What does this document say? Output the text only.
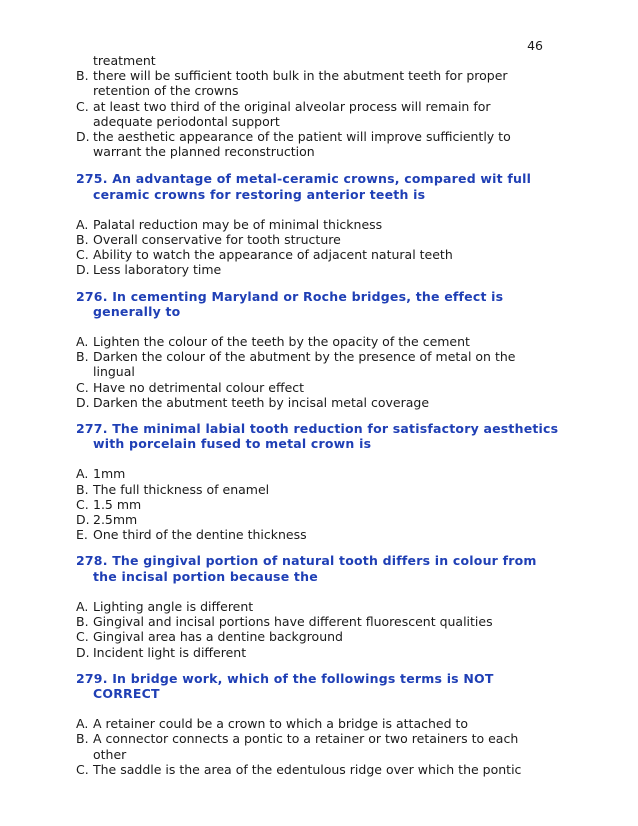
46
treatment
B. there will be sufficient tooth bulk in the abutment teeth for proper
retention of the crowns
C. at least two third of the original alveolar process will remain for
adequate periodontal support
D. the aesthetic appearance of the patient will improve sufficiently to
warrant the planned reconstruction
275. An advantage of metal-ceramic crowns, compared wit full
ceramic crowns for restoring anterior teeth is
A. Palatal reduction may be of minimal thickness
B. Overall conservative for tooth structure
C. Ability to watch the appearance of adjacent natural teeth
D. Less laboratory time
276. In cementing Maryland or Roche bridges, the effect is
generally to
A. Lighten the colour of the teeth by the opacity of the cement
B. Darken the colour of the abutment by the presence of metal on the
lingual
C. Have no detrimental colour effect
D. Darken the abutment teeth by incisal metal coverage
277. The minimal labial tooth reduction for satisfactory aesthetics
with porcelain fused to metal crown is
A. 1mm
B. The full thickness of enamel
C. 1.5 mm
D. 2.5mm
E. One third of the dentine thickness
278. The gingival portion of natural tooth differs in colour from
the incisal portion because the
A. Lighting angle is different
B. Gingival and incisal portions have different fluorescent qualities
C. Gingival area has a dentine background
D. Incident light is different
279. In bridge work, which of the followings terms is NOT
CORRECT
A. A retainer could be a crown to which a bridge is attached to
B. A connector connects a pontic to a retainer or two retainers to each
other
C. The saddle is the area of the edentulous ridge over which the pontic
